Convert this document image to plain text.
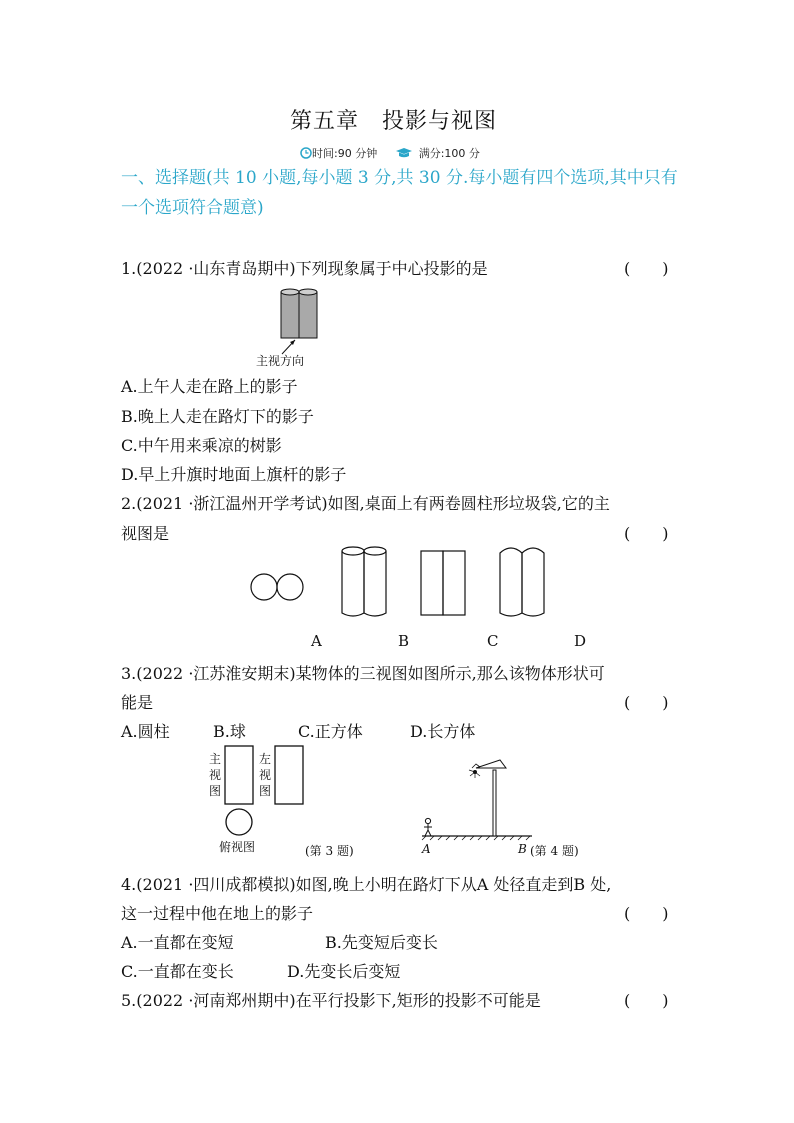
第五章　投影与视图
时间:90 分钟	满分:100 分
一、选择题(共 10 小题,每小题 3 分,共 30 分.每小题有四个选项,其中只有一个选项符合题意)
1.(2022 ·山东青岛期中)下列现象属于中心投影的是	(　　)
主视方向
A.上午人走在路上的影子
B.晚上人走在路灯下的影子
C.中午用来乘凉的树影
D.早上升旗时地面上旗杆的影子
2.(2021 ·浙江温州开学考试)如图,桌面上有两卷圆柱形垃圾袋,它的主
视图是	(　　)
A	B	C	D
3.(2022 ·江苏淮安期末)某物体的三视图如图所示,那么该物体形状可
能是	(　　)
A.圆柱	B.球	C.正方体	D.长方体
主视图
左视图
俯视图	(第 3 题)	A	B (第 4 题)
4.(2021 ·四川成都模拟)如图,晚上小明在路灯下从A 处径直走到B 处,
这一过程中他在地上的影子	(　　)
A.一直都在变短	B.先变短后变长
C.一直都在变长	D.先变长后变短
5.(2022 ·河南郑州期中)在平行投影下,矩形的投影不可能是	(　　)
